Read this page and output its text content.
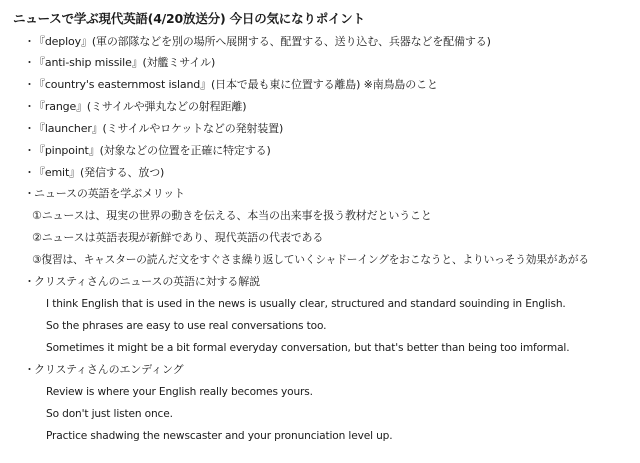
ニュースで学ぶ現代英語(4/20放送分) 今日の気になりポイント
・『deploy』(軍の部隊などを別の場所へ展開する、配置する、送り込む、兵器などを配備する)
・『anti-ship missile』(対艦ミサイル)
・『country's easternmost island』(日本で最も東に位置する離島) ※南鳥島のこと
・『range』(ミサイルや弾丸などの射程距離)
・『launcher』(ミサイルやロケットなどの発射装置)
・『pinpoint』(対象などの位置を正確に特定する)
・『emit』(発信する、放つ)
・ニュースの英語を学ぶメリット
①ニュースは、現実の世界の動きを伝える、本当の出来事を扱う教材だということ
②ニュースは英語表現が新鮮であり、現代英語の代表である
③復習は、キャスターの読んだ文をすぐさま繰り返していくシャドーイングをおこなうと、よりいっそう効果があがる
・クリスティさんのニュースの英語に対する解説
I think English that is used in the news is usually clear, structured and standard souinding in English.
So the phrases are easy to use real conversations too.
Sometimes it might be a bit formal everyday conversation, but that's better than being too imformal.
・クリスティさんのエンディング
Review is where your English really becomes yours.
So don't just listen once.
Practice shadwing the newscaster and your pronunciation level up.
